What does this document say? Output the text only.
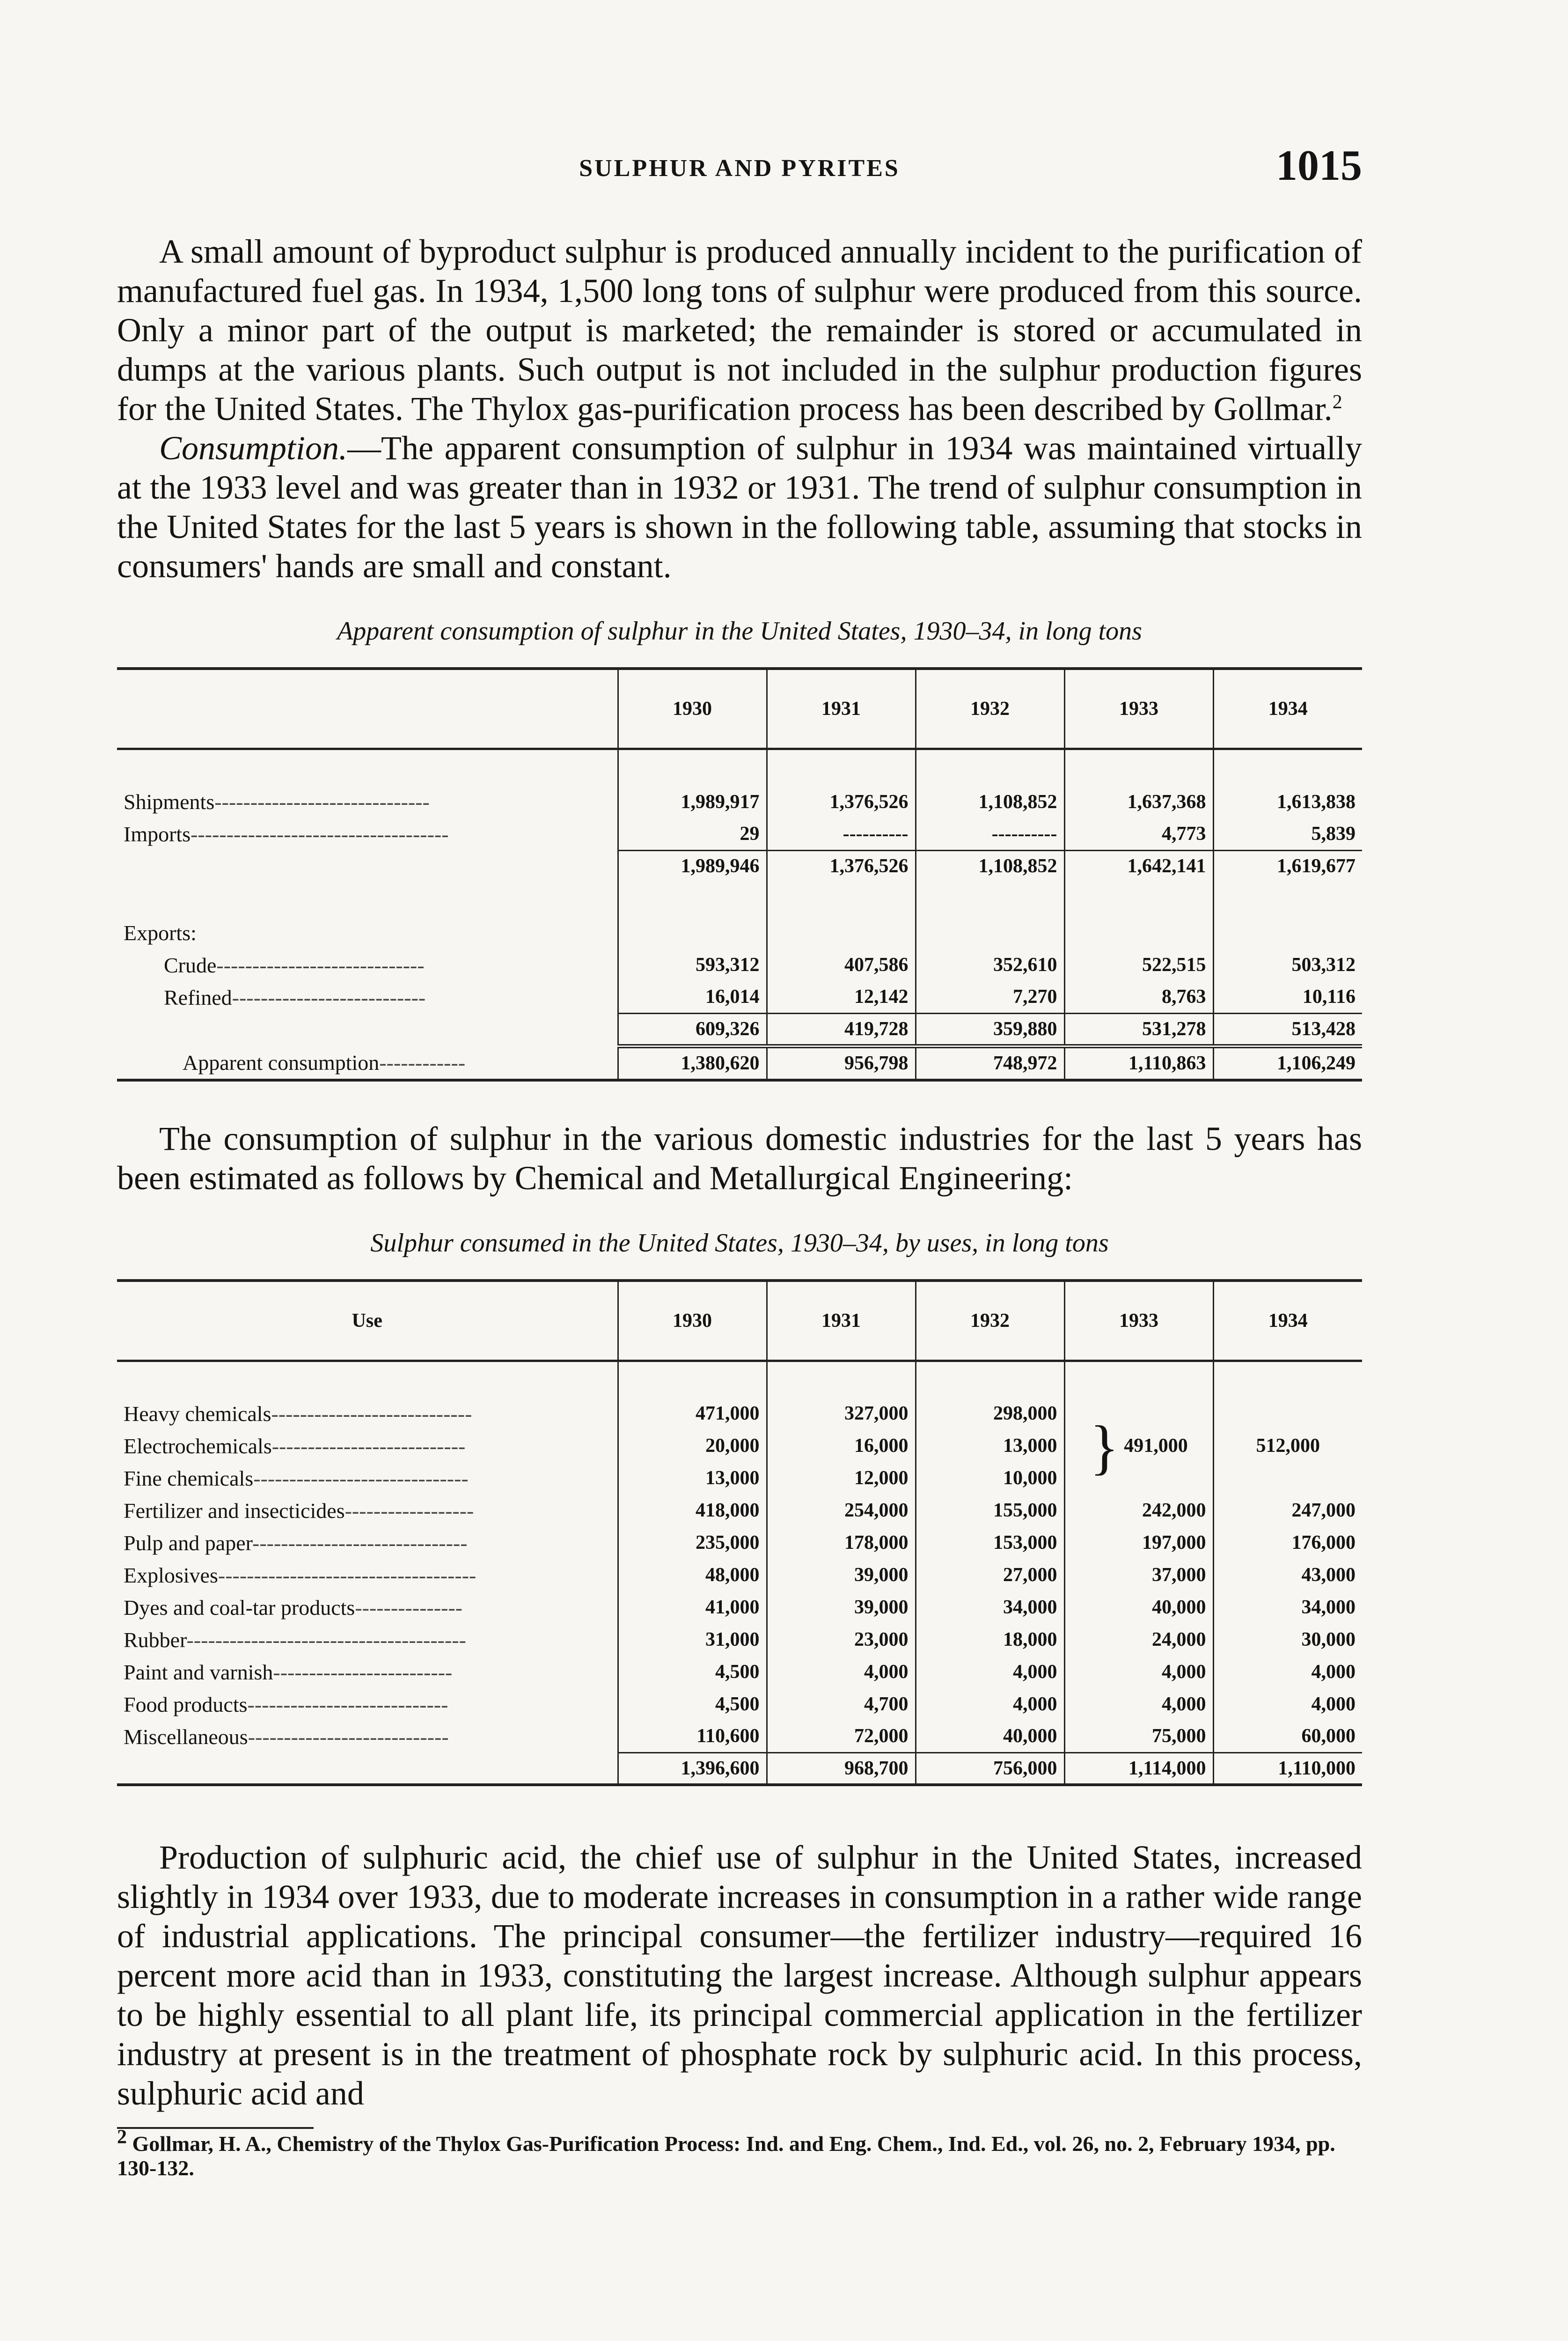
SULPHUR AND PYRITES	1015

A small amount of byproduct sulphur is produced annually incident to the purification of manufactured fuel gas. In 1934, 1,500 long tons of sulphur were produced from this source. Only a minor part of the output is marketed; the remainder is stored or accumulated in dumps at the various plants. Such output is not included in the sulphur production figures for the United States. The Thylox gas-purification process has been described by Gollmar.$^2$

Consumption.—The apparent consumption of sulphur in 1934 was maintained virtually at the 1933 level and was greater than in 1932 or 1931. The trend of sulphur consumption in the United States for the last 5 years is shown in the following table, assuming that stocks in consumers' hands are small and constant.

Apparent consumption of sulphur in the United States, 1930–34, in long tons
	1930	1931	1932	1933	1934

Shipments------------------------------	1,989,917	1,376,526	1,108,852	1,637,368	1,613,838
Imports------------------------------------	29	----------	----------	4,773	5,839
	1,989,946	1,376,526	1,108,852	1,642,141	1,619,677

Exports:					
Crude-----------------------------	593,312	407,586	352,610	522,515	503,312
Refined---------------------------	16,014	12,142	7,270	8,763	10,116
	609,326	419,728	359,880	531,278	513,428
Apparent consumption------------	1,380,620	956,798	748,972	1,110,863	1,106,249

The consumption of sulphur in the various domestic industries for the last 5 years has been estimated as follows by Chemical and Metallurgical Engineering:

Sulphur consumed in the United States, 1930–34, by uses, in long tons
Use	1930	1931	1932	1933	1934

Heavy chemicals----------------------------	471,000	327,000	298,000	} 491,000	512,000
Electrochemicals---------------------------	20,000	16,000	13,000		
Fine chemicals------------------------------	13,000	12,000	10,000		
Fertilizer and insecticides------------------	418,000	254,000	155,000	242,000	247,000
Pulp and paper------------------------------	235,000	178,000	153,000	197,000	176,000
Explosives------------------------------------	48,000	39,000	27,000	37,000	43,000
Dyes and coal-tar products---------------	41,000	39,000	34,000	40,000	34,000
Rubber---------------------------------------	31,000	23,000	18,000	24,000	30,000
Paint and varnish-------------------------	4,500	4,000	4,000	4,000	4,000
Food products----------------------------	4,500	4,700	4,000	4,000	4,000
Miscellaneous----------------------------	110,600	72,000	40,000	75,000	60,000
	1,396,600	968,700	756,000	1,114,000	1,110,000

Production of sulphuric acid, the chief use of sulphur in the United States, increased slightly in 1934 over 1933, due to moderate increases in consumption in a rather wide range of industrial applications. The principal consumer—the fertilizer industry—required 16 percent more acid than in 1933, constituting the largest increase. Although sulphur appears to be highly essential to all plant life, its principal commercial application in the fertilizer industry at present is in the treatment of phosphate rock by sulphuric acid. In this process, sulphuric acid and

$^2$ Gollmar, H. A., Chemistry of the Thylox Gas-Purification Process: Ind. and Eng. Chem., Ind. Ed., vol. 26, no. 2, February 1934, pp. 130-132.
